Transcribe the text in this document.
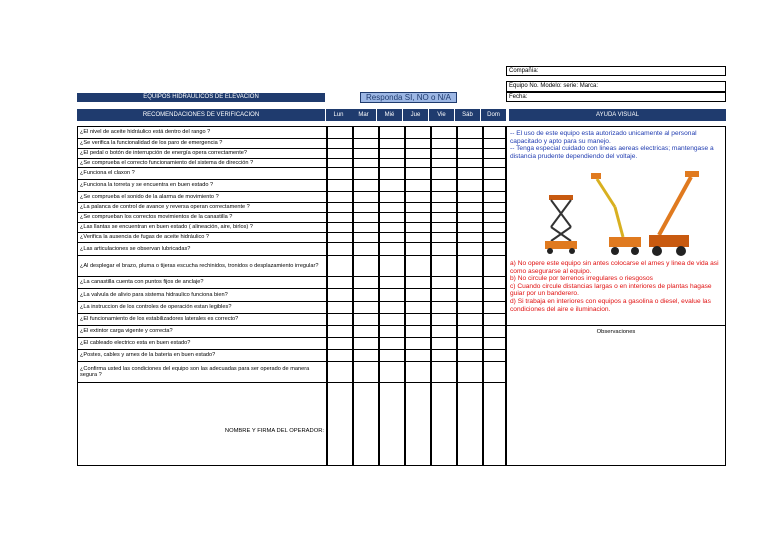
Compañía:
Equipo No. Modelo: serie: Marca:
Fecha:
EQUIPOS HIDRAULICOS DE ELEVACION	Responda SI, NO o N/A
RECOMENDACIONES DE VERIFICACION	Lun	Mar	Mié	Jue	Vie	Sáb	Dom	AYUDA VISUAL
¿El nivel de aceite hidráulico está dentro del rango ?
¿Se verifica la funcionalidad de los paro de emergencia ?
¿El pedal o botón de interrupción de energía opera correctamente?
¿Se comprueba el correcto funcionamiento del sistema de dirección ?
¿Funciona el claxon ?
¿Funciona la torreta y se encuentra en buen estado ?
¿Se comprueba el sonido de la alarma de movimiento ?
¿La palanca de control de avance y reversa operan correctamente ?
¿Se comprueban los correctos movimientos de la canastilla ?
¿Las llantas se encuentran en buen estado ( alineación, aire, birlos) ?
¿Verifica la ausencia de fugas de aceite hidráulico ?
¿Las articulaciones se observan lubricadas?
¿Al desplegar el brazo, pluma o tijeras escucha rechinidos, tronidos o desplazamiento irregular?
¿La canastilla cuenta con puntos fijos de anclaje?
¿La valvula de alivio para sistema hidraulico funciona bien?
¿La instruccion de los controles de operación estan legibles?
¿El funcionamiento de los estabilizadores laterales es correcto?
¿El extintor carga vigente y correcta?
¿El cableado electrico esta en buen estado?
¿Postes, cables y arnes de la bateria en buen estado?
¿Confirma usted las condiciones del equipo son las adecuadas para ser operado de manera segura ?
NOMBRE Y FIRMA DEL OPERADOR:
-- El uso de este equipo esta autorizado unicamente al personal capacitado y apto para su manejo.
-- Tenga especial cuidado con lineas aereas electricas; mantengase a distancia prudente dependiendo del voltaje.
a) No opere este equipo sin antes colocarse el arnes y linea de vida asi como asegurarse al equipo.
b) No circule por terrenos irregulares o riesgosos
c) Cuando circule distancias largas o en interiores de plantas hagase guiar por un banderero.
d) Si trabaja en interiores con equipos a gasolina o diesel, evalue las condiciones del aire e iluminacion.
Observaciones
